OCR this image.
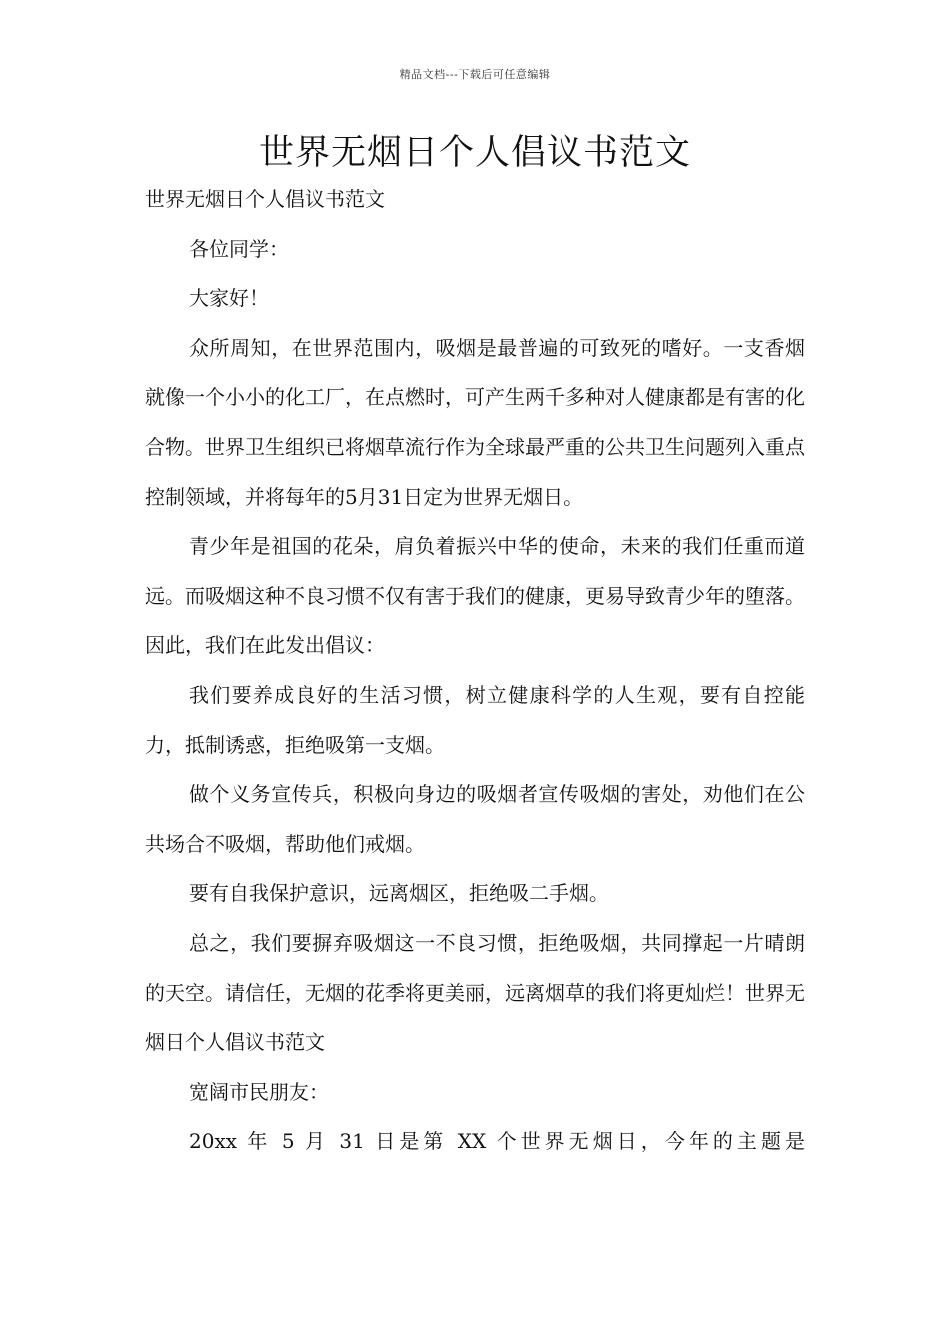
精品文档---下载后可任意编辑
世界无烟日个人倡议书范文

世界无烟日个人倡议书范文

各位同学：

大家好！

众所周知，在世界范围内，吸烟是最普遍的可致死的嗜好。一支香烟就像一个小小的化工厂，在点燃时，可产生两千多种对人健康都是有害的化合物。世界卫生组织已将烟草流行作为全球最严重的公共卫生问题列入重点控制领域，并将每年的5月31日定为世界无烟日。

青少年是祖国的花朵，肩负着振兴中华的使命，未来的我们任重而道远。而吸烟这种不良习惯不仅有害于我们的健康，更易导致青少年的堕落。因此，我们在此发出倡议：

我们要养成良好的生活习惯，树立健康科学的人生观，要有自控能力，抵制诱惑，拒绝吸第一支烟。

做个义务宣传兵，积极向身边的吸烟者宣传吸烟的害处，劝他们在公共场合不吸烟，帮助他们戒烟。

要有自我保护意识，远离烟区，拒绝吸二手烟。

总之，我们要摒弃吸烟这一不良习惯，拒绝吸烟，共同撑起一片晴朗的天空。请信任，无烟的花季将更美丽，远离烟草的我们将更灿烂！世界无烟日个人倡议书范文

宽阔市民朋友：

20xx 年 5 月 31 日是第 XX 个世界无烟日，今年的主题是
